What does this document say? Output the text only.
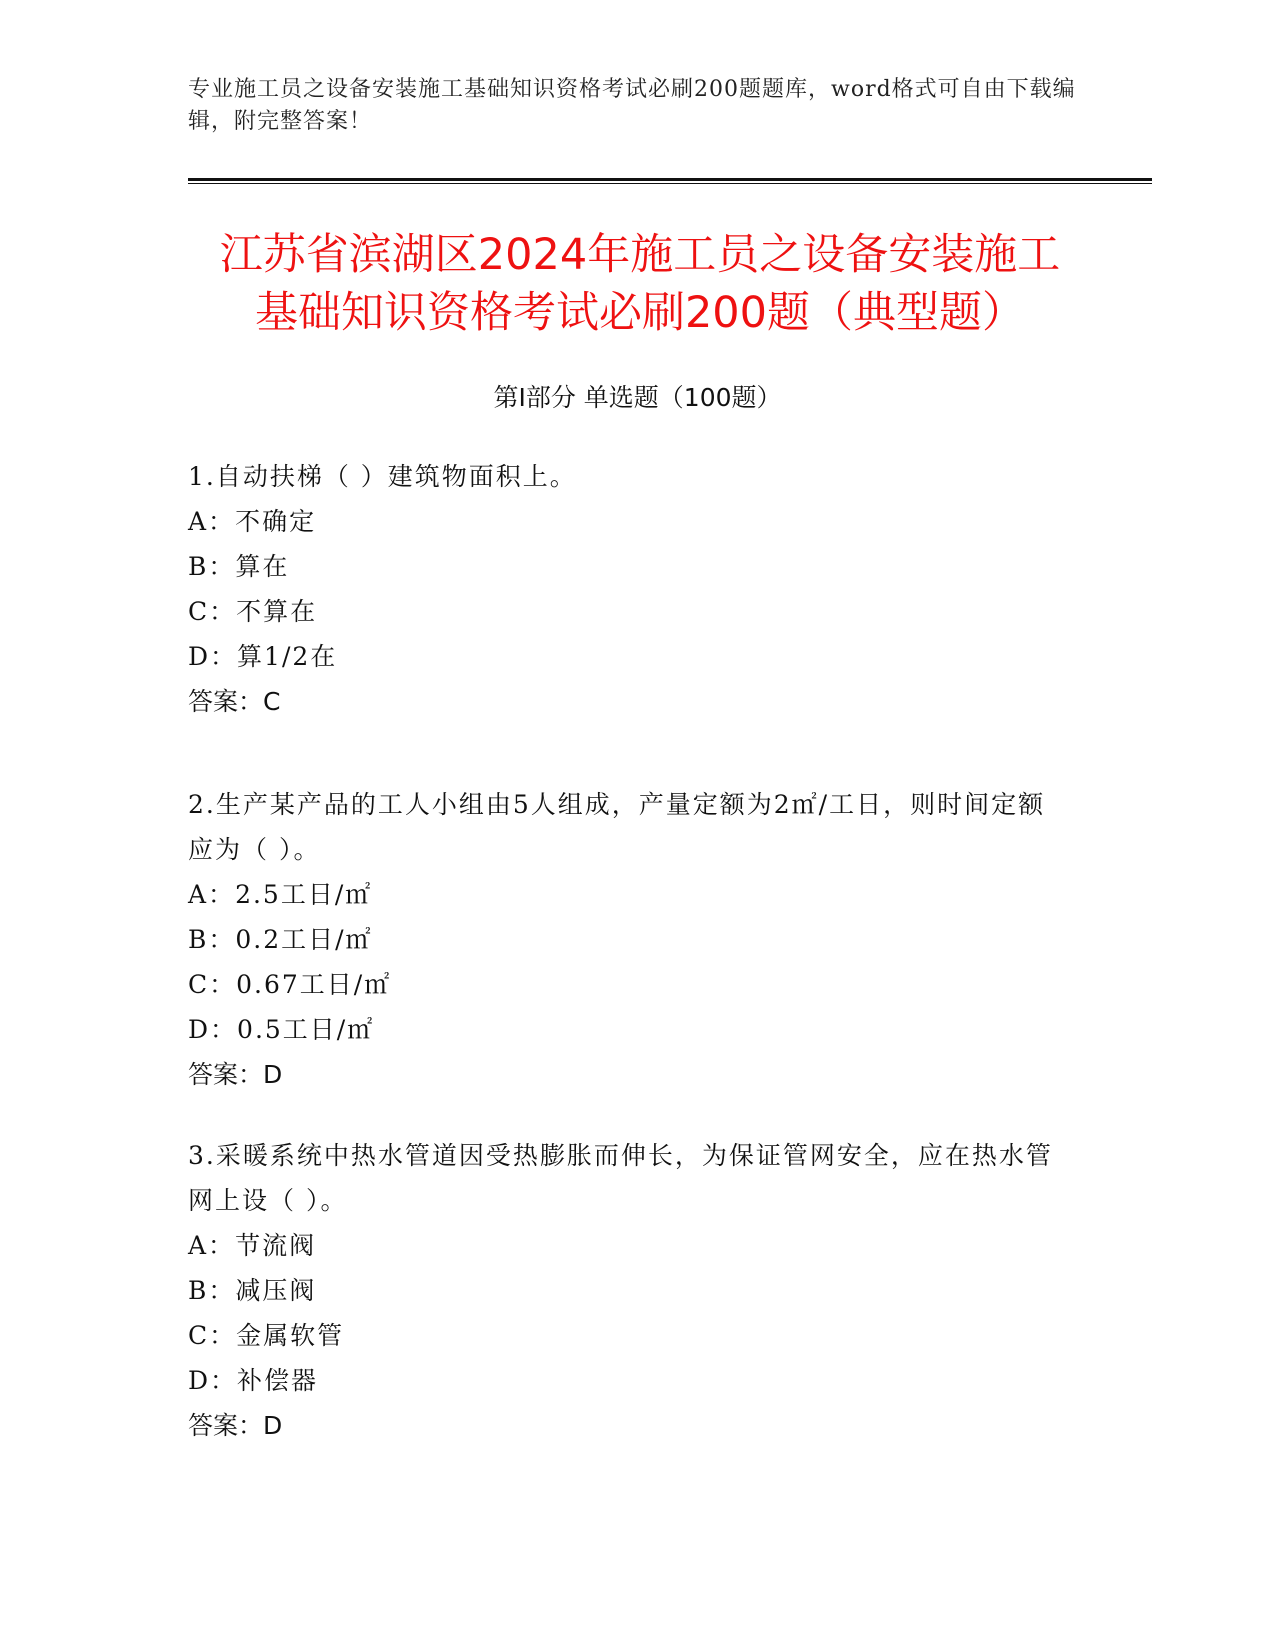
专业施工员之设备安装施工基础知识资格考试必刷200题题库，word格式可自由下载编辑，附完整答案！
江苏省滨湖区2024年施工员之设备安装施工
基础知识资格考试必刷200题（典型题）
第Ⅰ部分 单选题（100题）

1.自动扶梯（ ）建筑物面积上。

A：不确定

B：算在

C：不算在

D：算1/2在

答案：C

2.生产某产品的工人小组由5人组成，产量定额为2㎡/工日，则时间定额应为（ ）。

A：2.5工日/㎡

B：0.2工日/㎡

C：0.67工日/㎡

D：0.5工日/㎡

答案：D

3.采暖系统中热水管道因受热膨胀而伸长，为保证管网安全，应在热水管网上设（ ）。

A：节流阀

B：减压阀

C：金属软管

D：补偿器

答案：D
